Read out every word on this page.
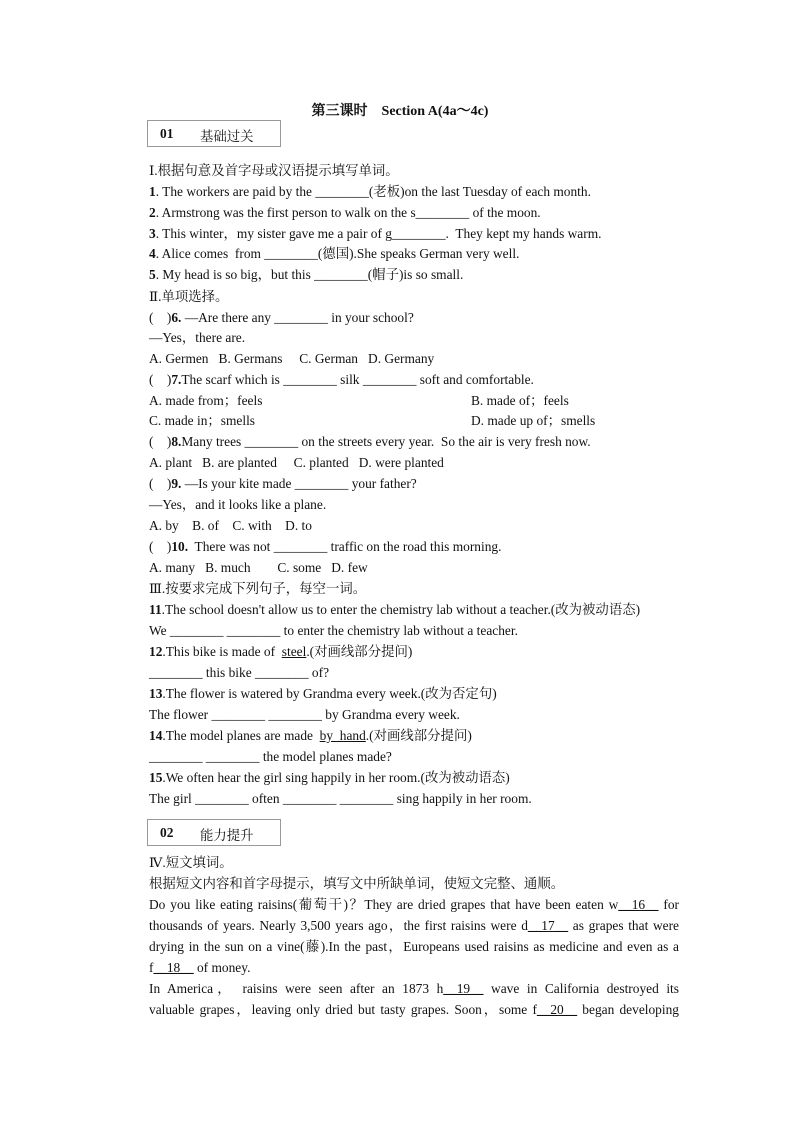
第三课时　Section A(4a～4c)
01 基础过关
Ⅰ.根据句意及首字母或汉语提示填写单词。
1. The workers are paid by the ________(老板)on the last Tuesday of each month.
2. Armstrong was the first person to walk on the s________ of the moon.
3. This winter，my sister gave me a pair of g________.  They kept my hands warm.
4. Alice comes  from ________(德国).She speaks German very well.
5. My head is so big，but this ________(帽子)is so small.
Ⅱ.单项选择。
(　)6. —Are there any ________ in your school?
—Yes，there are.
A. Germen   B. Germans     C. German   D. Germany
(　)7.The scarf which is ________ silk ________ soft and comfortable.
A. made from；feels	B. made of；feels
C. made in；smells	D. made up of；smells
(　)8.Many trees ________ on the streets every year.  So the air is very fresh now.
A. plant   B. are planted     C. planted   D. were planted
(　)9. —Is your kite made ________ your father?
—Yes，and it looks like a plane.
A. by    B. of    C. with    D. to
(　)10.  There was not ________ traffic on the road this morning.
A. many   B. much        C. some   D. few
Ⅲ.按要求完成下列句子，每空一词。
11.The school doesn't allow us to enter the chemistry lab without a teacher.(改为被动语态)
We ________ ________ to enter the chemistry lab without a teacher.
12.This bike is made of  steel.(对画线部分提问)
________ this bike ________ of?
13.The flower is watered by Grandma every week.(改为否定句)
The flower ________ ________ by Grandma every week.
14.The model planes are made  by  hand.(对画线部分提问)
________ ________ the model planes made?
15.We often hear the girl sing happily in her room.(改为被动语态)
The girl ________ often ________ ________ sing happily in her room.
02 能力提升
Ⅳ.短文填词。
根据短文内容和首字母提示，填写文中所缺单词，使短文完整、通顺。
Do you like eating raisins(葡萄干)？They are dried grapes that have been eaten w__16__ for
thousands of years. Nearly 3,500 years ago，the first raisins were d__17__ as grapes that were
drying in the sun on a vine(藤).In the past，Europeans used raisins as medicine and even as a
f__18__ of money.
In America， raisins were seen after an 1873 h__19__ wave in California destroyed its
valuable grapes，leaving only dried but tasty grapes. Soon，some f__20__ began developing
